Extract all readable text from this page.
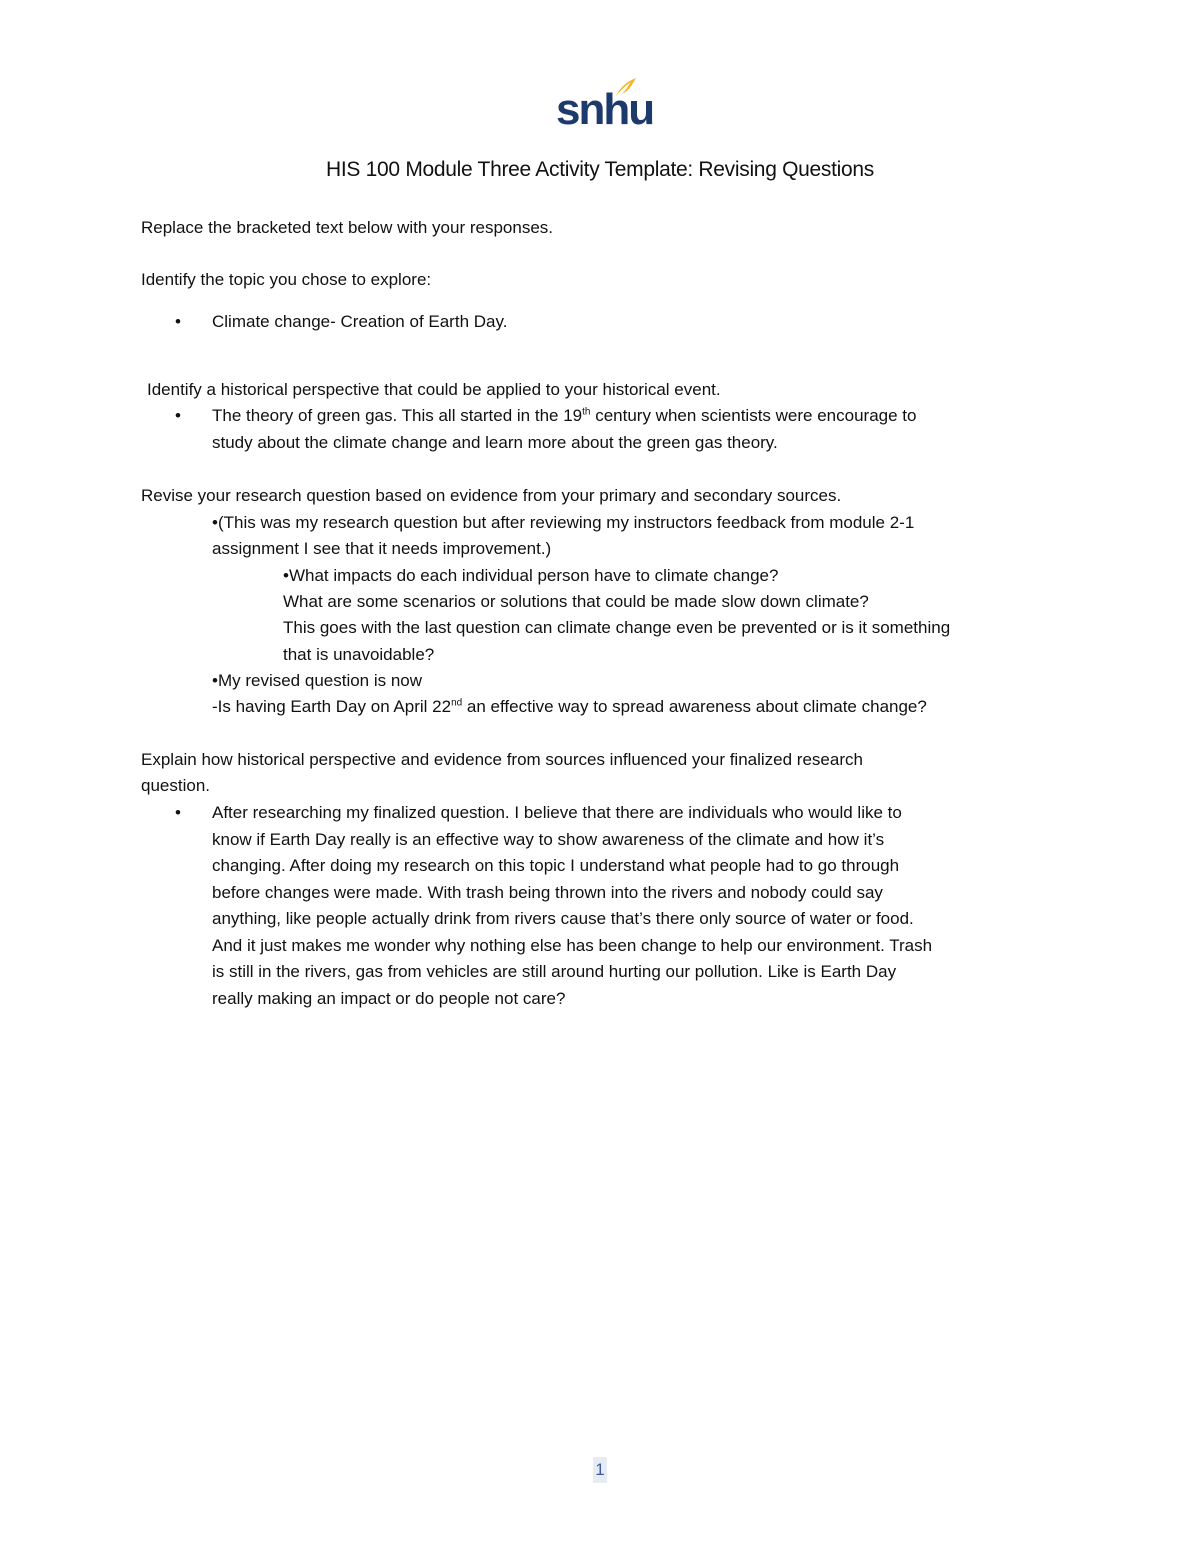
snhu
HIS 100 Module Three Activity Template: Revising Questions
Replace the bracketed text below with your responses.
Identify the topic you chose to explore:
• Climate change- Creation of Earth Day.
Identify a historical perspective that could be applied to your historical event.
• The theory of green gas. This all started in the 19th century when scientists were encourage to
study about the climate change and learn more about the green gas theory.
Revise your research question based on evidence from your primary and secondary sources.
•(This was my research question but after reviewing my instructors feedback from module 2-1
assignment I see that it needs improvement.)
•What impacts do each individual person have to climate change?
What are some scenarios or solutions that could be made slow down climate?
This goes with the last question can climate change even be prevented or is it something
that is unavoidable?
•My revised question is now
-Is having Earth Day on April 22nd an effective way to spread awareness about climate change?
Explain how historical perspective and evidence from sources influenced your finalized research
question.
• After researching my finalized question. I believe that there are individuals who would like to
know if Earth Day really is an effective way to show awareness of the climate and how it’s
changing. After doing my research on this topic I understand what people had to go through
before changes were made. With trash being thrown into the rivers and nobody could say
anything, like people actually drink from rivers cause that’s there only source of water or food.
And it just makes me wonder why nothing else has been change to help our environment. Trash
is still in the rivers, gas from vehicles are still around hurting our pollution. Like is Earth Day
really making an impact or do people not care?
1
